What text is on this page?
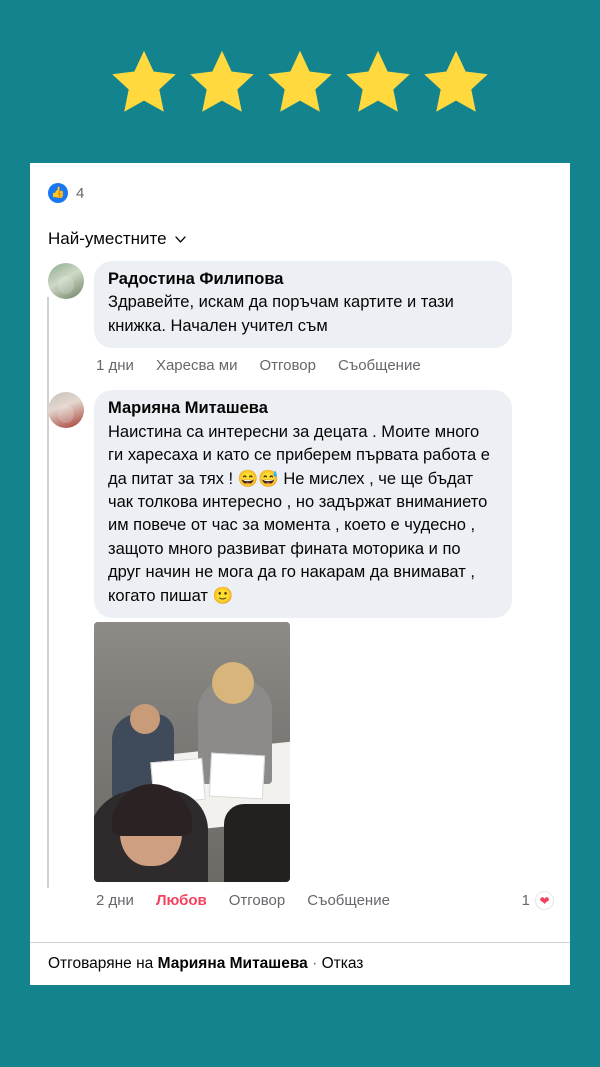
👍 4
Най-уместните
Радостина Филипова
Здравейте, искам да поръчам картите и тази книжка. Начален учител съм
1 дни Харесва ми Отговор Съобщение
Марияна Миташева
Наистина са интересни за децата . Моите много ги харесаха и като се приберем първата работа е да питат за тях ! 😄😅 Не мислех , че ще бъдат чак толкова интересно , но задържат вниманието им повече от час за момента , което е чудесно , защото много развиват фината моторика и по друг начин не мога да го накарам да внимават , когато пишат 🙂
2 дни Любов Отговор Съобщение	1 ❤
Отговаряне на Марияна Миташева · Отказ
